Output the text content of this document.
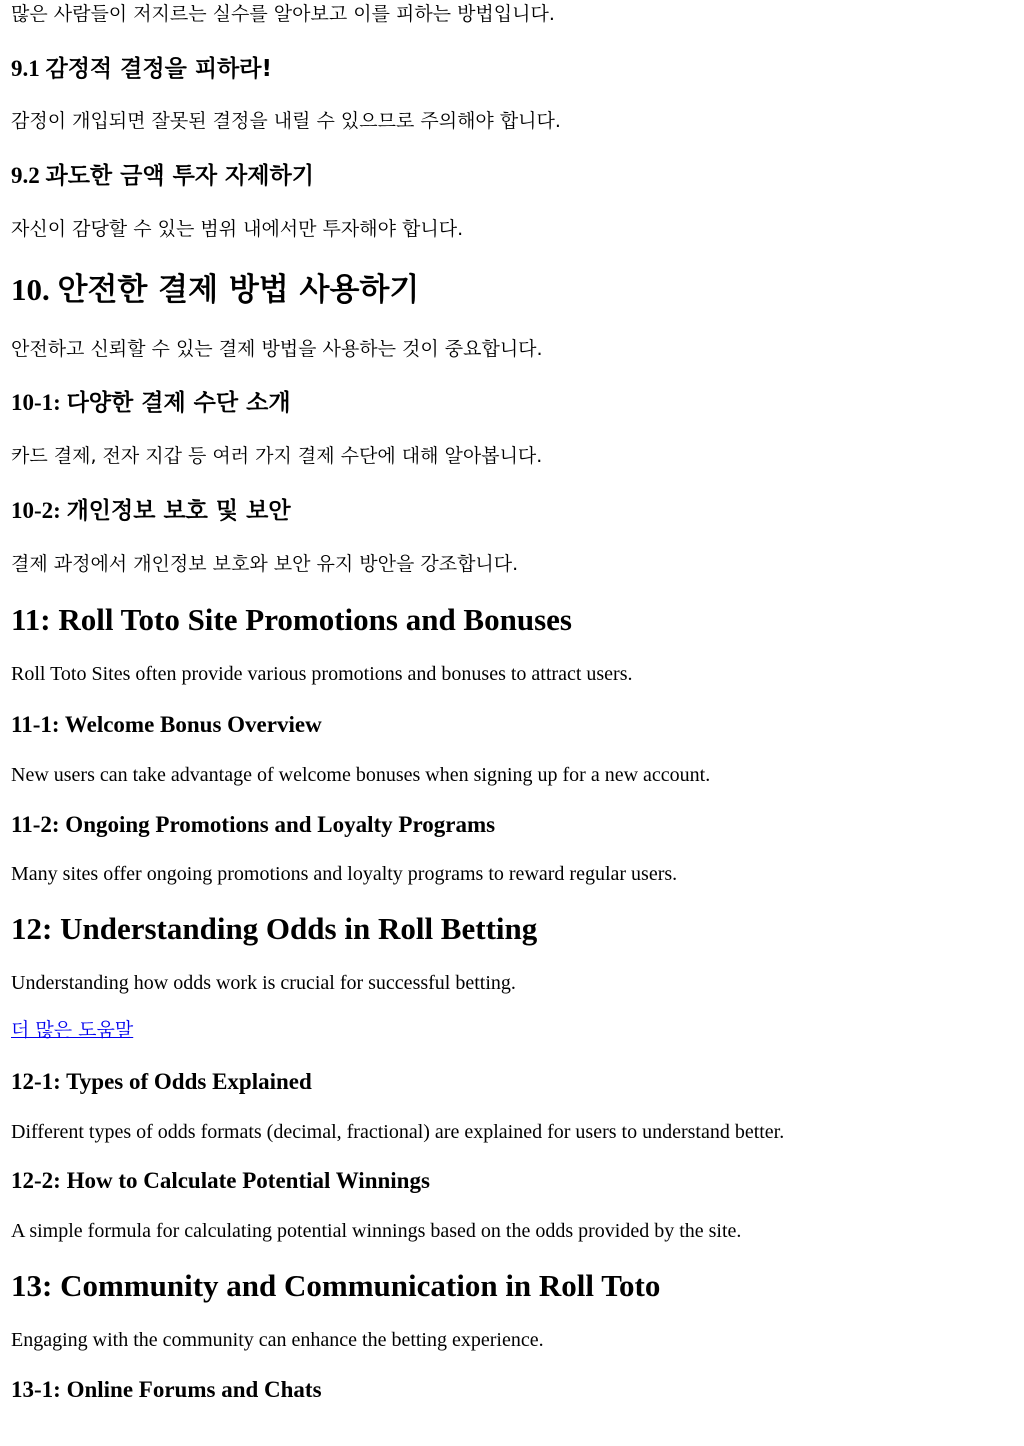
많은 사람들이 저지르는 실수를 알아보고 이를 피하는 방법입니다.

9.1 감정적 결정을 피하라!

감정이 개입되면 잘못된 결정을 내릴 수 있으므로 주의해야 합니다.

9.2 과도한 금액 투자 자제하기

자신이 감당할 수 있는 범위 내에서만 투자해야 합니다.

10. 안전한 결제 방법 사용하기

안전하고 신뢰할 수 있는 결제 방법을 사용하는 것이 중요합니다.

10-1: 다양한 결제 수단 소개

카드 결제, 전자 지갑 등 여러 가지 결제 수단에 대해 알아봅니다.

10-2: 개인정보 보호 및 보안

결제 과정에서 개인정보 보호와 보안 유지 방안을 강조합니다.

11: Roll Toto Site Promotions and Bonuses

Roll Toto Sites often provide various promotions and bonuses to attract users.

11-1: Welcome Bonus Overview

New users can take advantage of welcome bonuses when signing up for a new account.

11-2: Ongoing Promotions and Loyalty Programs

Many sites offer ongoing promotions and loyalty programs to reward regular users.

12: Understanding Odds in Roll Betting

Understanding how odds work is crucial for successful betting.

더 많은 도움말
12-1: Types of Odds Explained

Different types of odds formats (decimal, fractional) are explained for users to understand better.

12-2: How to Calculate Potential Winnings

A simple formula for calculating potential winnings based on the odds provided by the site.

13: Community and Communication in Roll Toto

Engaging with the community can enhance the betting experience.

13-1: Online Forums and Chats
